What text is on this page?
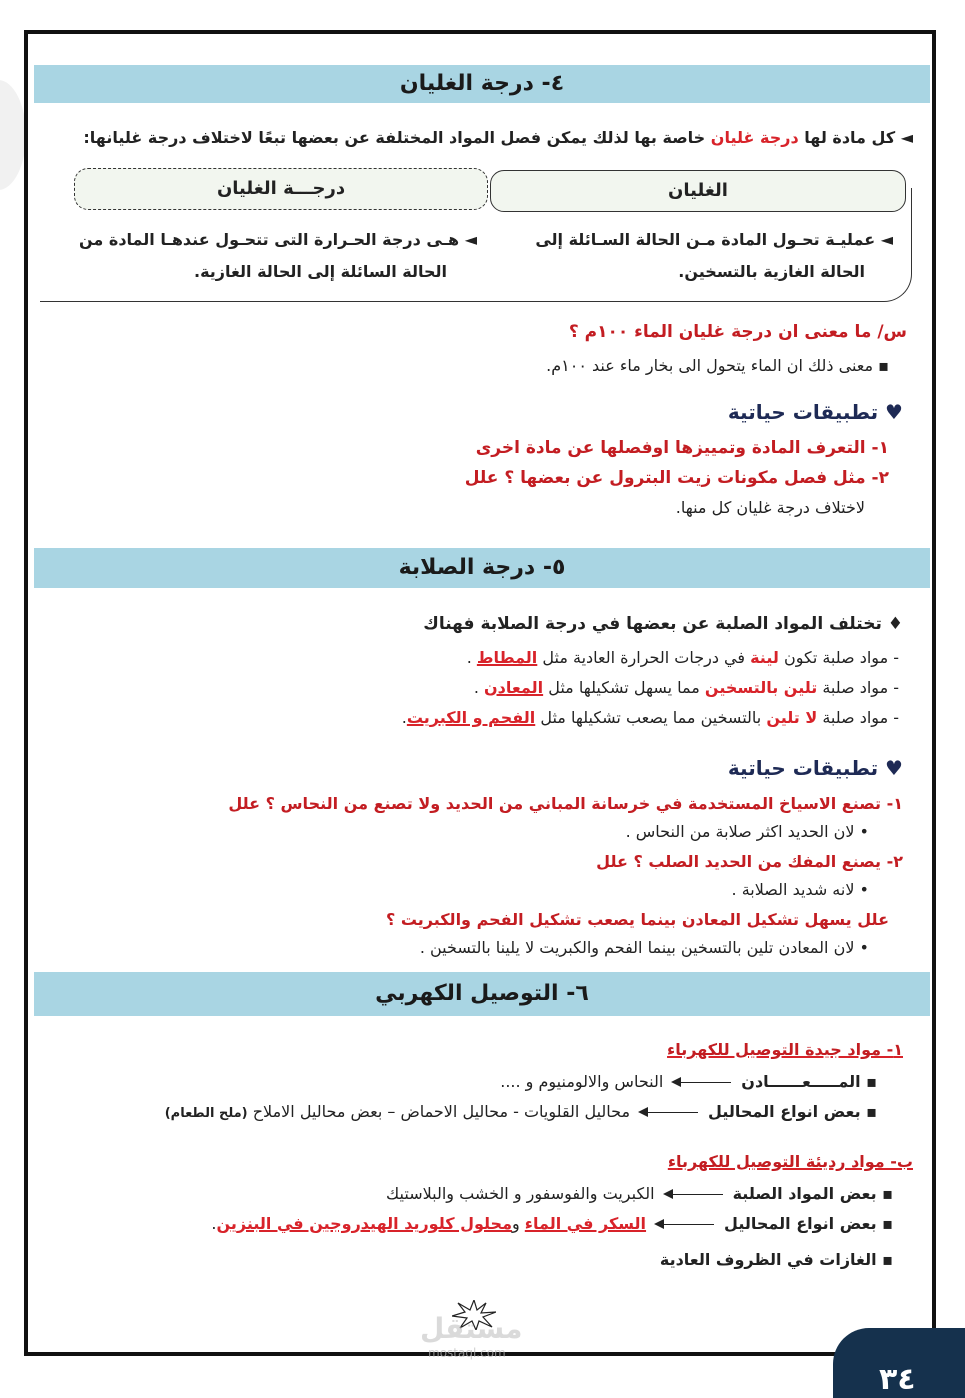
٤- درجة الغليان
◄ كل مادة لها درجة غليان خاصة بها لذلك يمكن فصل المواد المختلفة عن بعضها تبعًا لاختلاف درجة غليانها:
الغليان
درجـــة الغليان
◄ عمليـة تحـول المادة مـن الحالة السـائلة إلى
الحالة الغازية بالتسخين.
◄ هـى درجة الحـرارة التى تتحـول عندهـا المادة من
الحالة السائلة إلى الحالة الغازية.
س/ ما معنى ان درجة غليان الماء ١٠٠م ؟
▪ معنى ذلك ان الماء يتحول الى بخار ماء عند ١٠٠م.
♥ تطبيقات حياتية
١- التعرف المادة وتمييزها اوفصلها عن مادة اخرى
٢- مثل فصل مكونات زيت البترول عن بعضها ؟ علل
لاختلاف درجة غليان كل منها.
٥- درجة الصلابة
♦ تختلف المواد الصلبة عن بعضها في درجة الصلابة فهناك
- مواد صلبة تكون لينة في درجات الحرارة العادية مثل المطاط .
- مواد صلبة تلين بالتسخين مما يسهل تشكيلها مثل المعادن .
- مواد صلبة لا تلين بالتسخين مما يصعب تشكيلها مثل الفحم و الكبريت.
♥ تطبيقات حياتية
١- تصنع الاسياخ المستخدمة في خرسانة المباني من الحديد ولا تصنع من النحاس ؟ علل
• لان الحديد اكثر صلابة من النحاس .
٢- يصنع المفك من الحديد الصلب ؟ علل
• لانه شديد الصلابة .
علل يسهل تشكيل المعادن بينما يصعب تشكيل الفحم والكبريت ؟
• لان المعادن تلين بالتسخين بينما الفحم والكبريت لا يلينا بالتسخين .
٦- التوصيل الكهربي
١- مواد جيدة التوصيل للكهرباء
▪ المـــــعــــــادنالنحاس والالومنيوم و ....
▪ بعض انواع المحاليلمحاليل القلويات - محاليل الاحماض – بعض محاليل الاملاح (ملح الطعام)
ب- مواد رديئة التوصيل للكهرباء
▪ بعض المواد الصلبةالكبريت والفوسفور و الخشب والبلاستيك
▪ بعض انواع المحاليلالسكر في الماء ومحلول كلوريد الهيدروجين في البنزين.
▪ الغازات في الظروف العادية
مستقل
mostaql.com
٣٤
